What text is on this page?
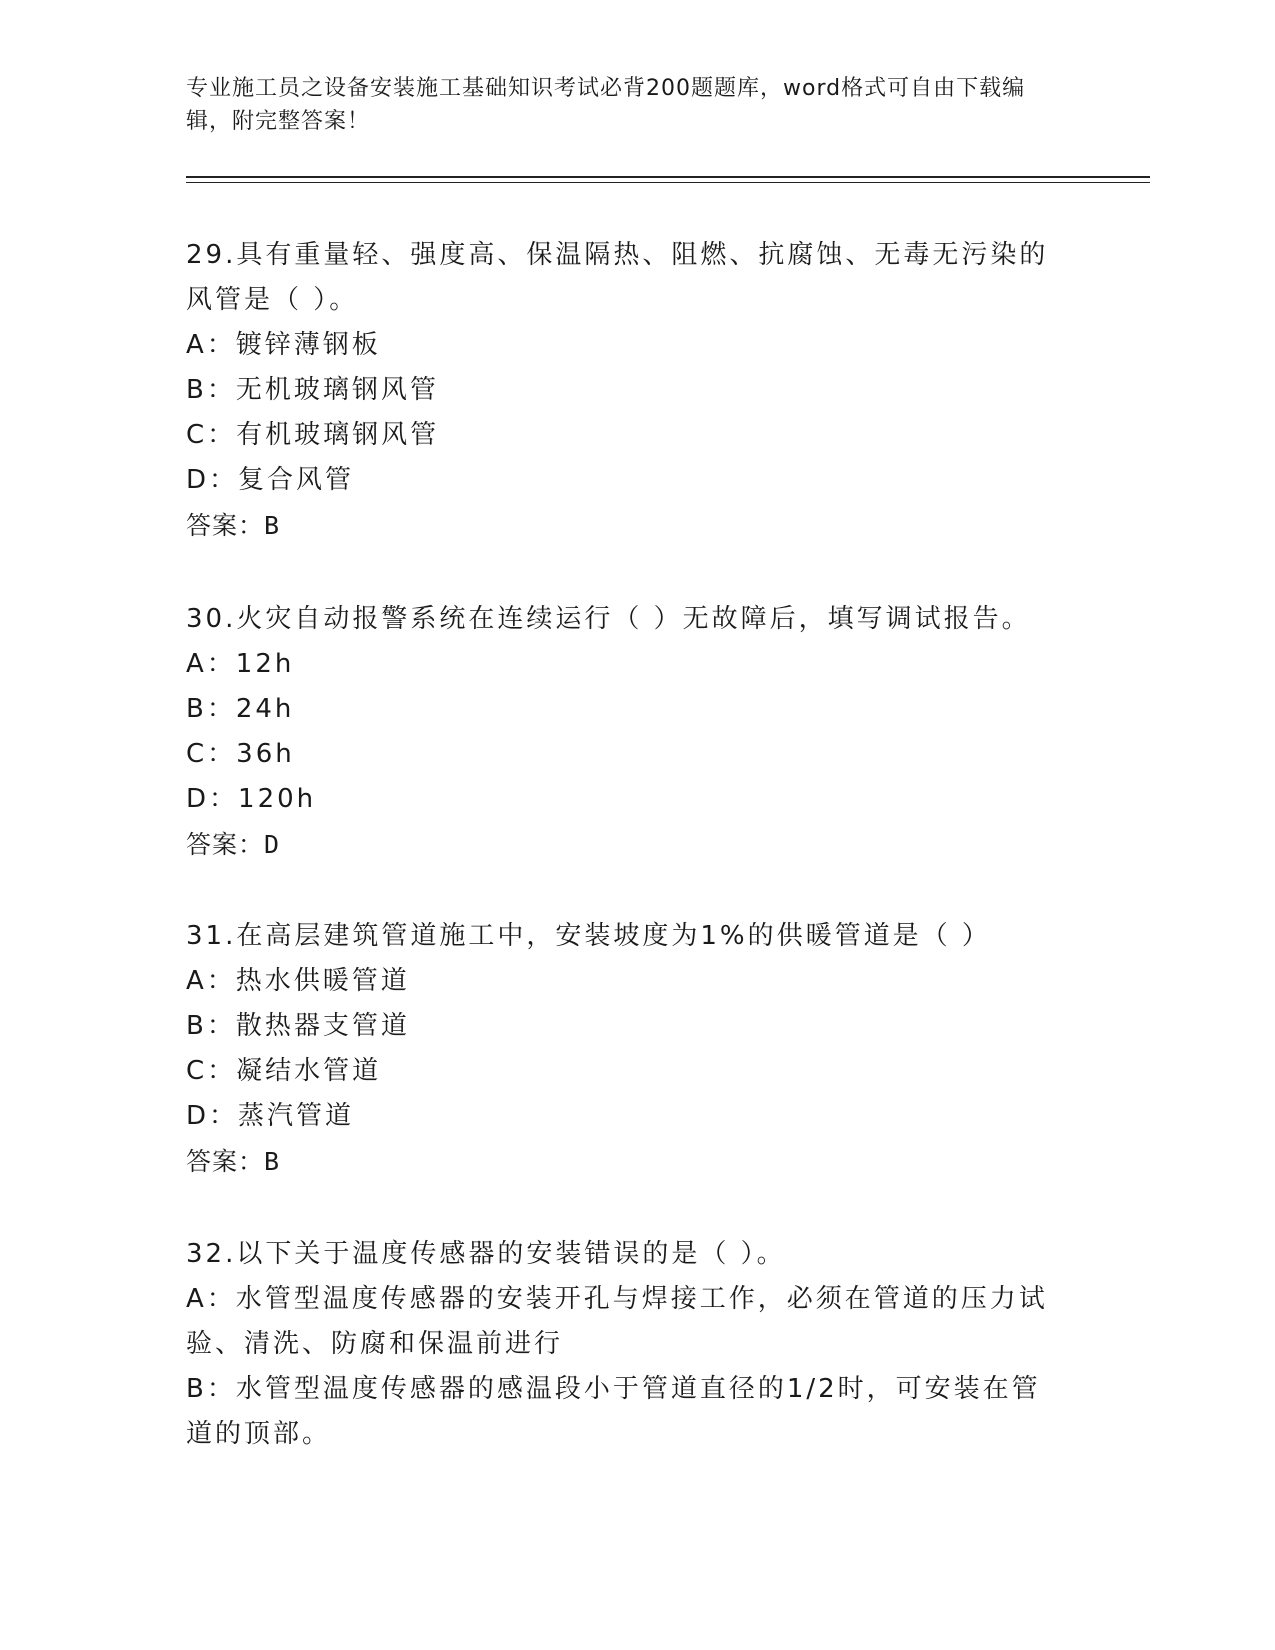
专业施工员之设备安装施工基础知识考试必背200题题库，word格式可自由下载编辑，附完整答案！
29.具有重量轻、强度高、保温隔热、阻燃、抗腐蚀、无毒无污染的风管是（ ）。
A：镀锌薄钢板
B：无机玻璃钢风管
C：有机玻璃钢风管
D：复合风管
答案：B
30.火灾自动报警系统在连续运行（ ）无故障后，填写调试报告。
A：12h
B：24h
C：36h
D：120h
答案：D
31.在高层建筑管道施工中，安装坡度为1%的供暖管道是（ ）
A：热水供暖管道
B：散热器支管道
C：凝结水管道
D：蒸汽管道
答案：B
32.以下关于温度传感器的安装错误的是（ ）。
A：水管型温度传感器的安装开孔与焊接工作，必须在管道的压力试验、清洗、防腐和保温前进行
B：水管型温度传感器的感温段小于管道直径的1/2时，可安装在管道的顶部。
